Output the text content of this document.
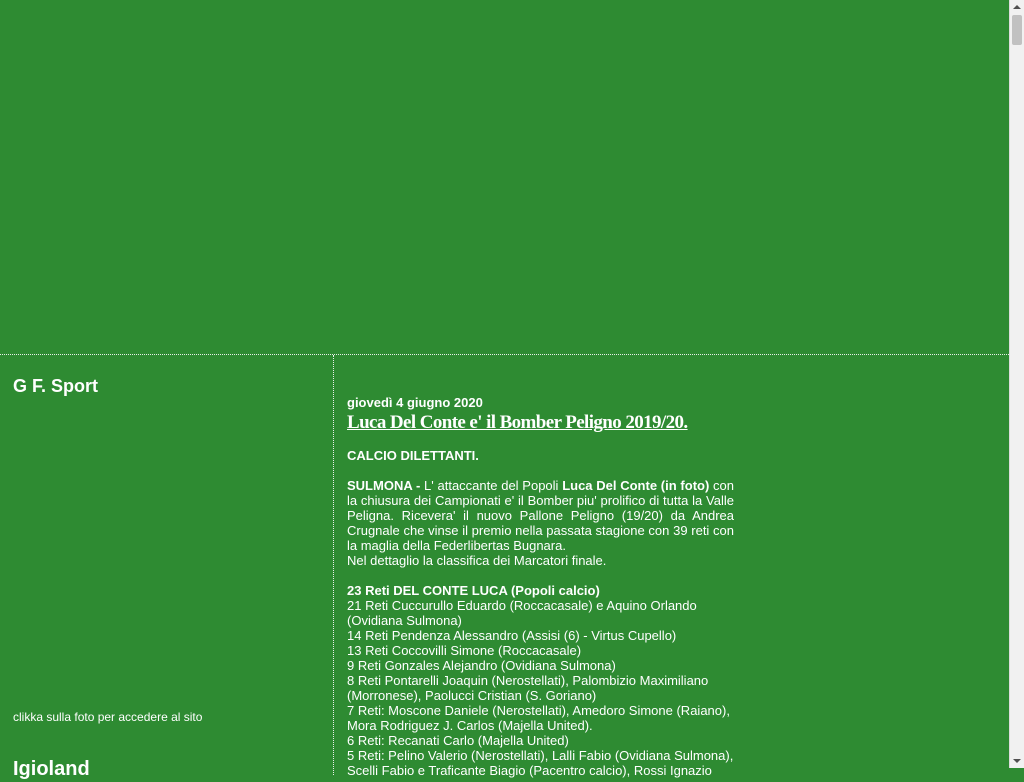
G F. Sport
clikka sulla foto per accedere al sito
Igioland
giovedì 4 giugno 2020
Luca Del Conte e' il Bomber Peligno 2019/20.

CALCIO DILETTANTI.

SULMONA - L' attaccante del Popoli Luca Del Conte (in foto) con la chiusura dei Campionati e' il Bomber piu' prolifico di tutta la Valle Peligna. Ricevera' il nuovo Pallone Peligno (19/20) da Andrea Crugnale che vinse il premio nella passata stagione con 39 reti con la maglia della Federlibertas Bugnara.

Nel dettaglio la classifica dei Marcatori finale.

23 Reti DEL CONTE LUCA (Popoli calcio)

21 Reti Cuccurullo Eduardo (Roccacasale) e Aquino Orlando (Ovidiana Sulmona)

14 Reti Pendenza Alessandro (Assisi (6) - Virtus Cupello)

13 Reti Coccovilli Simone (Roccacasale)

9 Reti Gonzales Alejandro (Ovidiana Sulmona)

8 Reti Pontarelli Joaquin (Nerostellati), Palombizio Maximiliano (Morronese), Paolucci Cristian (S. Goriano)

7 Reti: Moscone Daniele (Nerostellati), Amedoro Simone (Raiano), Mora Rodriguez J. Carlos (Majella United).

6 Reti: Recanati Carlo (Majella United)

5 Reti: Pelino Valerio (Nerostellati), Lalli Fabio (Ovidiana Sulmona), Scelli Fabio e Traficante Biagio (Pacentro calcio), Rossi Ignazio
